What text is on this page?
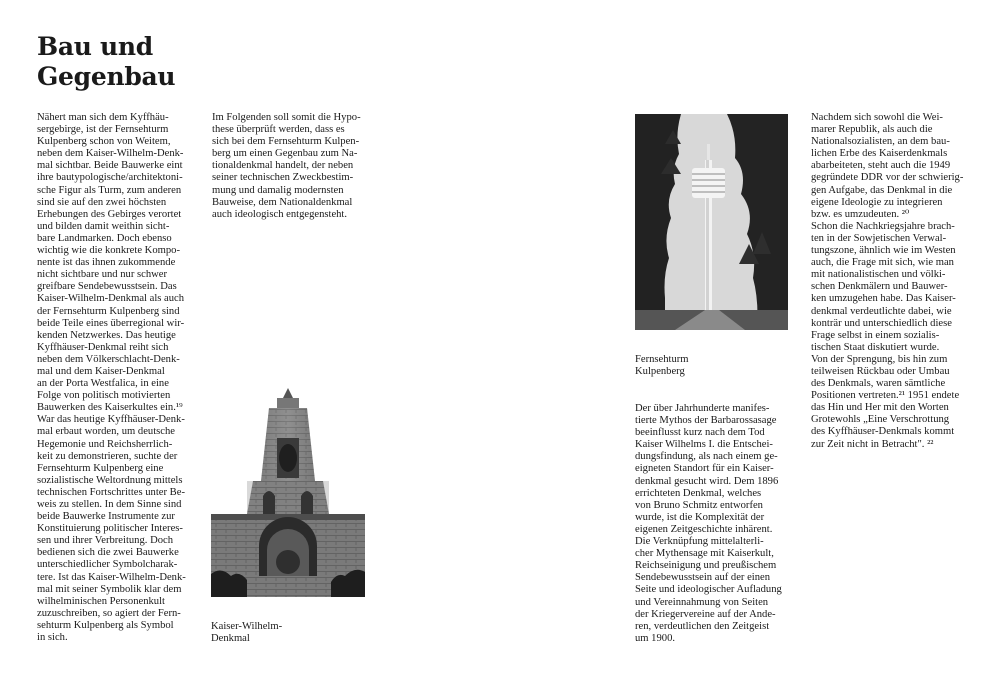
Bau und
Gegenbau
Nähert man sich dem Kyffhäu-
sergebirge, ist der Fernsehturm
Kulpenberg schon von Weitem,
neben dem Kaiser-Wilhelm-Denk-
mal sichtbar. Beide Bauwerke eint
ihre bautypologische/architektoni-
sche Figur als Turm, zum anderen
sind sie auf den zwei höchsten
Erhebungen des Gebirges verortet
und bilden damit weithin sicht-
bare Landmarken. Doch ebenso
wichtig wie die konkrete Kompo-
nente ist das ihnen zukommende
nicht sichtbare und nur schwer
greifbare Sendebewusstsein. Das
Kaiser-Wilhelm-Denkmal als auch
der Fernsehturm Kulpenberg sind
beide Teile eines überregional wir-
kenden Netzwerkes. Das heutige
Kyffhäuser-Denkmal reiht sich
neben dem Völkerschlacht-Denk-
mal und dem Kaiser-Denkmal
an der Porta Westfalica, in eine
Folge von politisch motivierten
Bauwerken des Kaiserkultes ein.¹⁹
War das heutige Kyffhäuser-Denk-
mal erbaut worden, um deutsche
Hegemonie und Reichsherrlich-
keit zu demonstrieren, suchte der
Fernsehturm Kulpenberg eine
sozialistische Weltordnung mittels
technischen Fortschrittes unter Be-
weis zu stellen. In dem Sinne sind
beide Bauwerke Instrumente zur
Konstituierung politischer Interes-
sen und ihrer Verbreitung. Doch
bedienen sich die zwei Bauwerke
unterschiedlicher Symbolcharak-
tere. Ist das Kaiser-Wilhelm-Denk-
mal mit seiner Symbolik klar dem
wilhelminischen Personenkult
zuzuschreiben, so agiert der Fern-
sehturm Kulpenberg als Symbol
in sich.
Im Folgenden soll somit die Hypo-
these überprüft werden, dass es
sich bei dem Fernsehturm Kulpen-
berg um einen Gegenbau zum Na-
tionaldenkmal handelt, der neben
seiner technischen Zweckbestim-
mung und damalig modernsten
Bauweise, dem Nationaldenkmal
auch ideologisch entgegensteht.
Der über Jahrhunderte manifes-
tierte Mythos der Barbarossasage
beeinflusst kurz nach dem Tod
Kaiser Wilhelms I. die Entschei-
dungsfindung, als nach einem ge-
eigneten Standort für ein Kaiser-
denkmal gesucht wird. Dem 1896
errichteten Denkmal, welches
von Bruno Schmitz entworfen
wurde, ist die Komplexität der
eigenen Zeitgeschichte inhärent.
Die Verknüpfung mittelalterli-
cher Mythensage mit Kaiserkult,
Reichseinigung und preußischem
Sendebewusstsein auf der einen
Seite und ideologischer Aufladung
und Vereinnahmung von Seiten
der Kriegervereine auf der Ande-
ren, verdeutlichen den Zeitgeist
um 1900.
Nachdem sich sowohl die Wei-
marer Republik, als auch die
Nationalsozialisten, an dem bau-
lichen Erbe des Kaiserdenkmals
abarbeiteten, steht auch die 1949
gegründete DDR vor der schwierig-
gen Aufgabe, das Denkmal in die
eigene Ideologie zu integrieren
bzw. es umzudeuten. ²⁰
Schon die Nachkriegsjahre brach-
ten in der Sowjetischen Verwal-
tungszone, ähnlich wie im Westen
auch, die Frage mit sich, wie man
mit nationalistischen und völki-
schen Denkmälern und Bauwer-
ken umzugehen habe. Das Kaiser-
denkmal verdeutlichte dabei, wie
konträr und unterschiedlich diese
Frage selbst in einem sozialis-
tischen Staat diskutiert wurde.
Von der Sprengung, bis hin zum
teilweisen Rückbau oder Umbau
des Denkmals, waren sämtliche
Positionen vertreten.²¹ 1951 endete
das Hin und Her mit den Worten
Grotewohls „Eine Verschrottung
des Kyffhäuser-Denkmals kommt
zur Zeit nicht in Betracht". ²²
Kaiser-Wilhelm-
Denkmal
Fernsehturm
Kulpenberg
